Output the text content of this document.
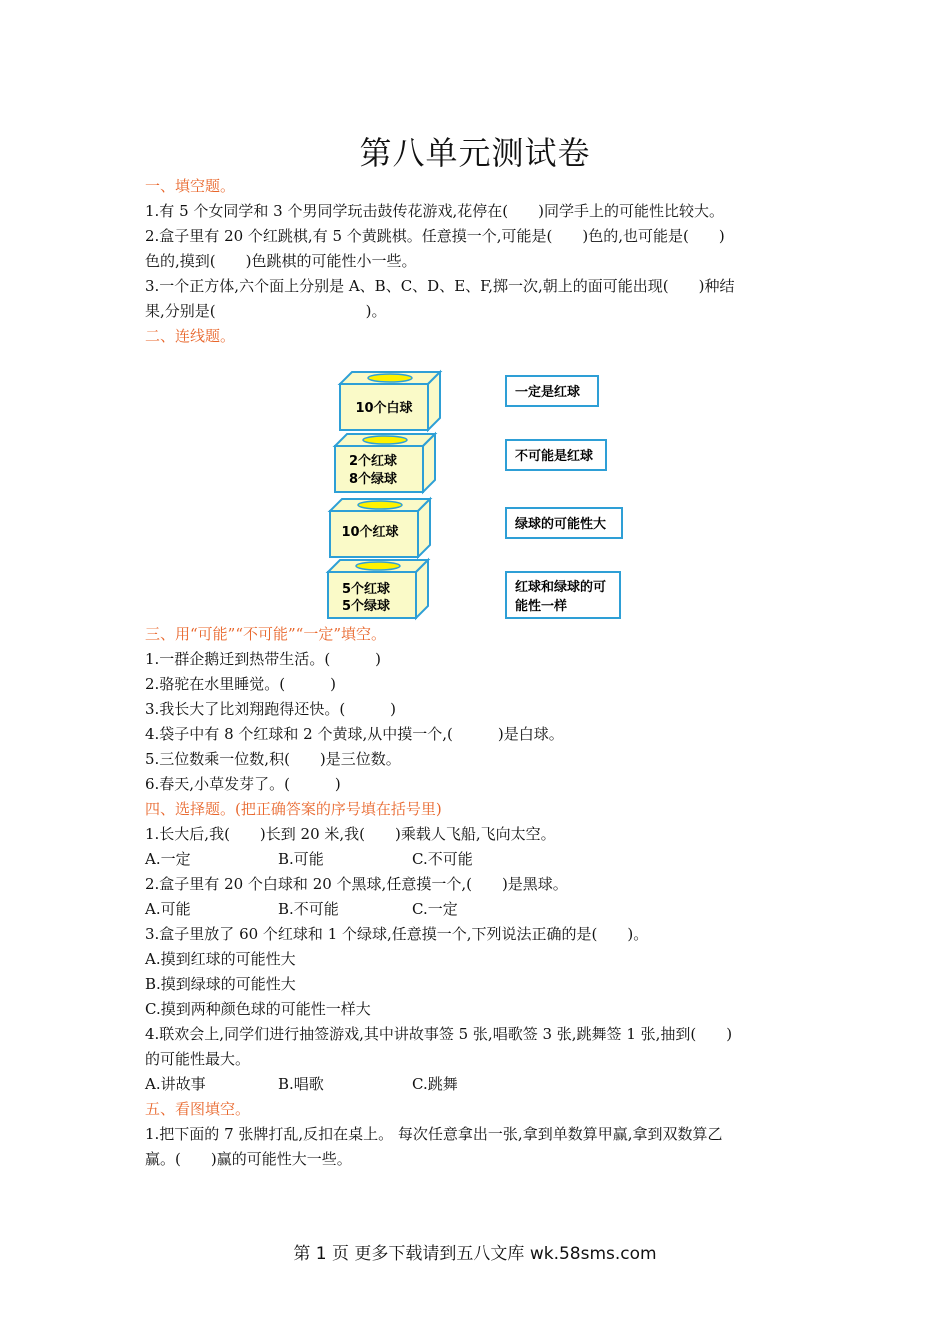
第八单元测试卷
一、填空题。
1.有 5 个女同学和 3 个男同学玩击鼓传花游戏,花停在(　　)同学手上的可能性比较大。
2.盒子里有 20 个红跳棋,有 5 个黄跳棋。任意摸一个,可能是(　　)色的,也可能是(　　)
色的,摸到(　　)色跳棋的可能性小一些。
3.一个正方体,六个面上分别是 A、B、C、D、E、F,掷一次,朝上的面可能出现(　　)种结
果,分别是(　　　　　　　　　　)。
二、连线题。
10个白球
2个红球
8个绿球
10个红球
5个红球
5个绿球
一定是红球
不可能是红球
绿球的可能性大
红球和绿球的可
能性一样
三、用“可能”“不可能”“一定”填空。
1.一群企鹅迁到热带生活。(　　　)
2.骆驼在水里睡觉。(　　　)
3.我长大了比刘翔跑得还快。(　　　)
4.袋子中有 8 个红球和 2 个黄球,从中摸一个,(　　　)是白球。
5.三位数乘一位数,积(　　)是三位数。
6.春天,小草发芽了。(　　　)
四、选择题。(把正确答案的序号填在括号里)
1.长大后,我(　　)长到 20 米,我(　　)乘载人飞船,飞向太空。
A.一定	B.可能	C.不可能
2.盒子里有 20 个白球和 20 个黑球,任意摸一个,(　　)是黑球。
A.可能	B.不可能	C.一定
3.盒子里放了 60 个红球和 1 个绿球,任意摸一个,下列说法正确的是(　　)。
A.摸到红球的可能性大
B.摸到绿球的可能性大
C.摸到两种颜色球的可能性一样大
4.联欢会上,同学们进行抽签游戏,其中讲故事签 5 张,唱歌签 3 张,跳舞签 1 张,抽到(　　)
的可能性最大。
A.讲故事	B.唱歌	C.跳舞
五、看图填空。
1.把下面的 7 张牌打乱,反扣在桌上。 每次任意拿出一张,拿到单数算甲赢,拿到双数算乙
赢。(　　)赢的可能性大一些。
第 1 页 更多下载请到五八文库 wk.58sms.com
